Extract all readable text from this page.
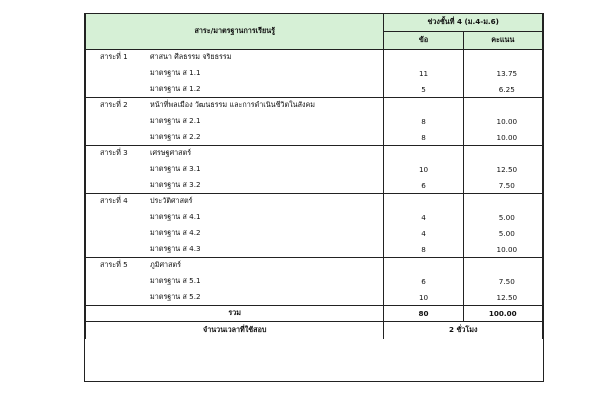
สาระ/มาตรฐานการเรียนรู้	ช่วงชั้นที่ 4 (ม.4-ม.6)	
	ข้อ	คะแนน
สาระที่ 1 ศาสนา ศีลธรรม จริยธรรม		
มาตรฐาน ส 1.1	11	13.75
มาตรฐาน ส 1.2	5	6.25
สาระที่ 2 หน้าที่พลเมือง วัฒนธรรม และการดำเนินชีวิตในสังคม		
มาตรฐาน ส 2.1	8	10.00
มาตรฐาน ส 2.2	8	10.00
สาระที่ 3 เศรษฐศาสตร์		
มาตรฐาน ส 3.1	10	12.50
มาตรฐาน ส 3.2	6	7.50
สาระที่ 4 ประวัติศาสตร์		
มาตรฐาน ส 4.1	4	5.00
มาตรฐาน ส 4.2	4	5.00
มาตรฐาน ส 4.3	8	10.00
สาระที่ 5 ภูมิศาสตร์		
มาตรฐาน ส 5.1	6	7.50
มาตรฐาน ส 5.2	10	12.50
รวม	80	100.00
จำนวนเวลาที่ใช้สอบ	2 ชั่วโมง	
